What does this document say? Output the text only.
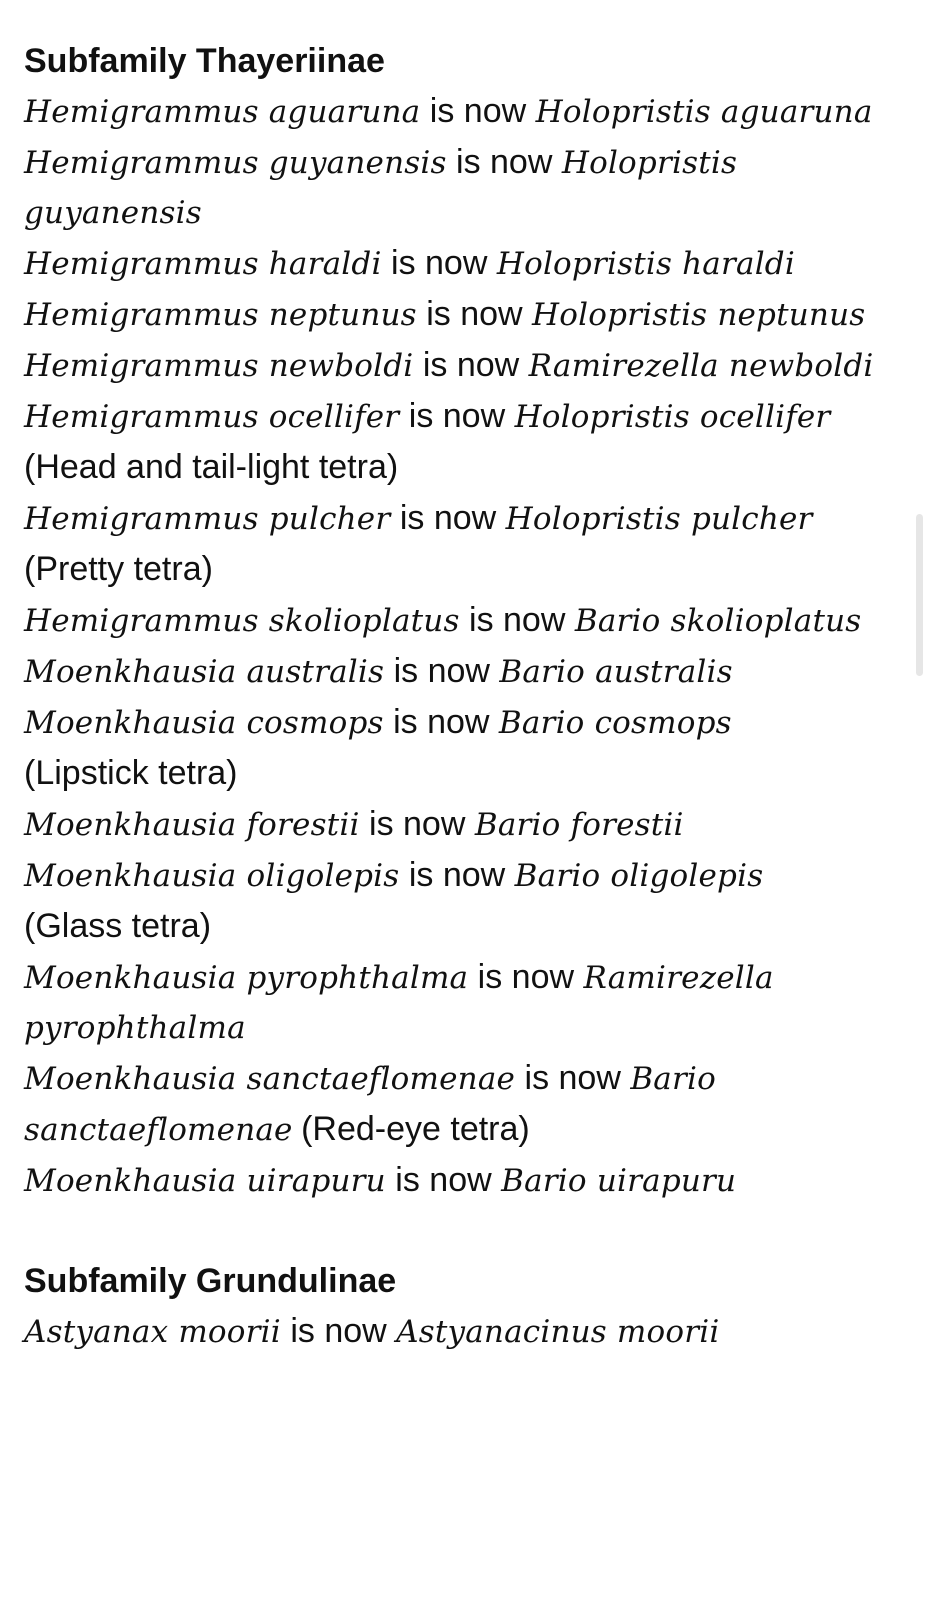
Subfamily Thayeriinae

Hemigrammus aguaruna is now Holopristis aguaruna

Hemigrammus guyanensis is now Holopristis guyanensis

Hemigrammus haraldi is now Holopristis haraldi

Hemigrammus neptunus is now Holopristis neptunus

Hemigrammus newboldi is now Ramirezella newboldi

Hemigrammus ocellifer is now Holopristis ocellifer
(Head and tail-light tetra)

Hemigrammus pulcher is now Holopristis pulcher
(Pretty tetra)

Hemigrammus skolioplatus is now Bario skolioplatus

Moenkhausia australis is now Bario australis

Moenkhausia cosmops is now Bario cosmops
(Lipstick tetra)

Moenkhausia forestii is now Bario forestii

Moenkhausia oligolepis is now Bario oligolepis
(Glass tetra)

Moenkhausia pyrophthalma is now Ramirezella pyrophthalma

Moenkhausia sanctaeflomenae is now Bario sanctaeflomenae (Red-eye tetra)

Moenkhausia uirapuru is now Bario uirapuru

Subfamily Grundulinae

Astyanax moorii is now Astyanacinus moorii
